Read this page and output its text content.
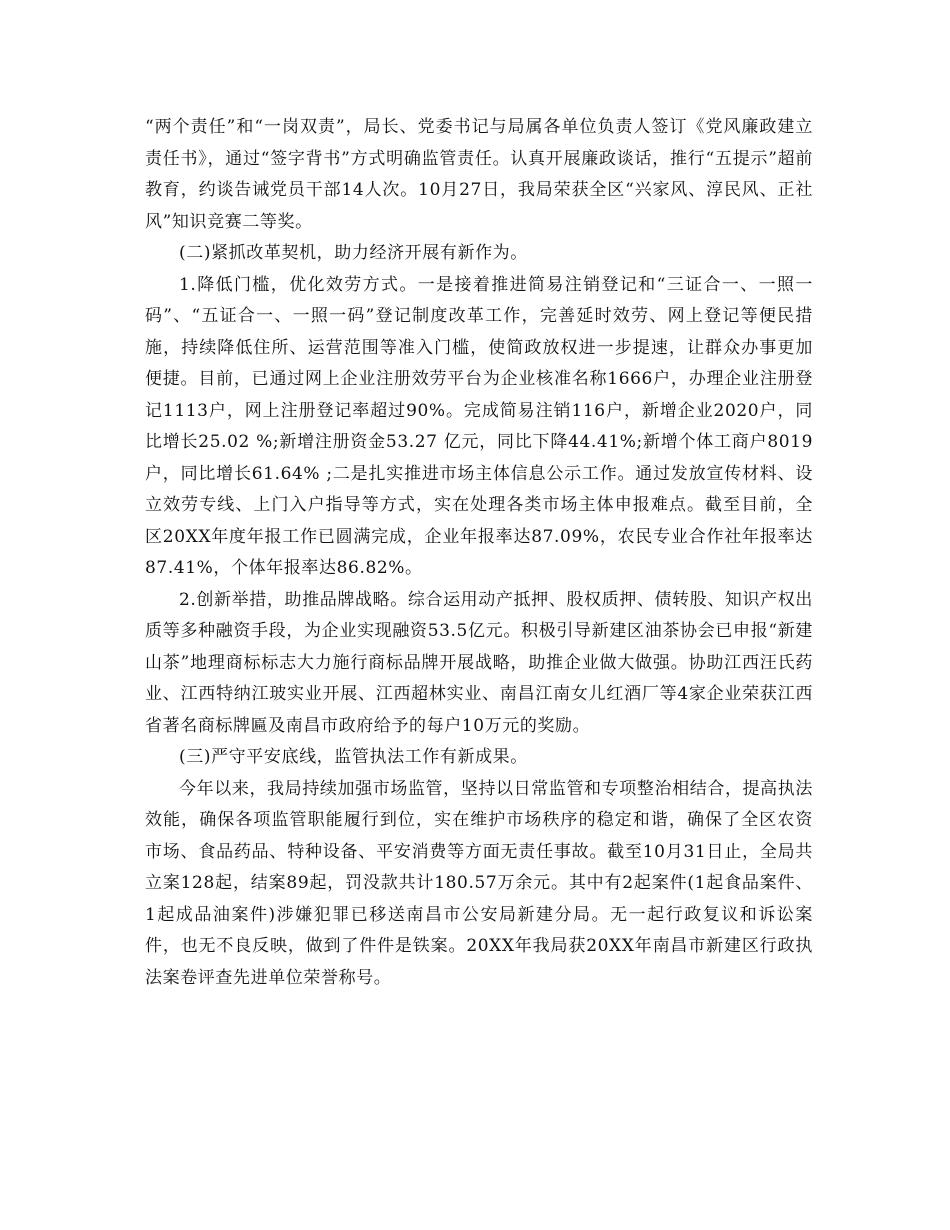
“两个责任”和“一岗双责”，局长、党委书记与局属各单位负责人签订《党风廉政建立责任书》，通过“签字背书”方式明确监管责任。认真开展廉政谈话，推行“五提示”超前教育，约谈告诫党员干部14人次。10月27日，我局荣获全区“兴家风、淳民风、正社风”知识竞赛二等奖。

(二)紧抓改革契机，助力经济开展有新作为。

1.降低门槛，优化效劳方式。一是接着推进简易注销登记和“三证合一、一照一码”、“五证合一、一照一码”登记制度改革工作，完善延时效劳、网上登记等便民措施，持续降低住所、运营范围等准入门槛，使简政放权进一步提速，让群众办事更加便捷。目前，已通过网上企业注册效劳平台为企业核准名称1666户，办理企业注册登记1113户，网上注册登记率超过90%。完成简易注销116户，新增企业2020户，同比增长25.02 %;新增注册资金53.27 亿元，同比下降44.41%;新增个体工商户8019 户，同比增长61.64% ;二是扎实推进市场主体信息公示工作。通过发放宣传材料、设立效劳专线、上门入户指导等方式，实在处理各类市场主体申报难点。截至目前，全区20XX年度年报工作已圆满完成，企业年报率达87.09%，农民专业合作社年报率达87.41%，个体年报率达86.82%。

2.创新举措，助推品牌战略。综合运用动产抵押、股权质押、债转股、知识产权出质等多种融资手段，为企业实现融资53.5亿元。积极引导新建区油茶协会已申报“新建山茶”地理商标标志大力施行商标品牌开展战略，助推企业做大做强。协助江西汪氏药业、江西特纳江玻实业开展、江西超林实业、南昌江南女儿红酒厂等4家企业荣获江西省著名商标牌匾及南昌市政府给予的每户10万元的奖励。

(三)严守平安底线，监管执法工作有新成果。

今年以来，我局持续加强市场监管，坚持以日常监管和专项整治相结合，提高执法效能，确保各项监管职能履行到位，实在维护市场秩序的稳定和谐，确保了全区农资市场、食品药品、特种设备、平安消费等方面无责任事故。截至10月31日止，全局共立案128起，结案89起，罚没款共计180.57万余元。其中有2起案件(1起食品案件、1起成品油案件)涉嫌犯罪已移送南昌市公安局新建分局。无一起行政复议和诉讼案件，也无不良反映，做到了件件是铁案。20XX年我局获20XX年南昌市新建区行政执法案卷评查先进单位荣誉称号。
